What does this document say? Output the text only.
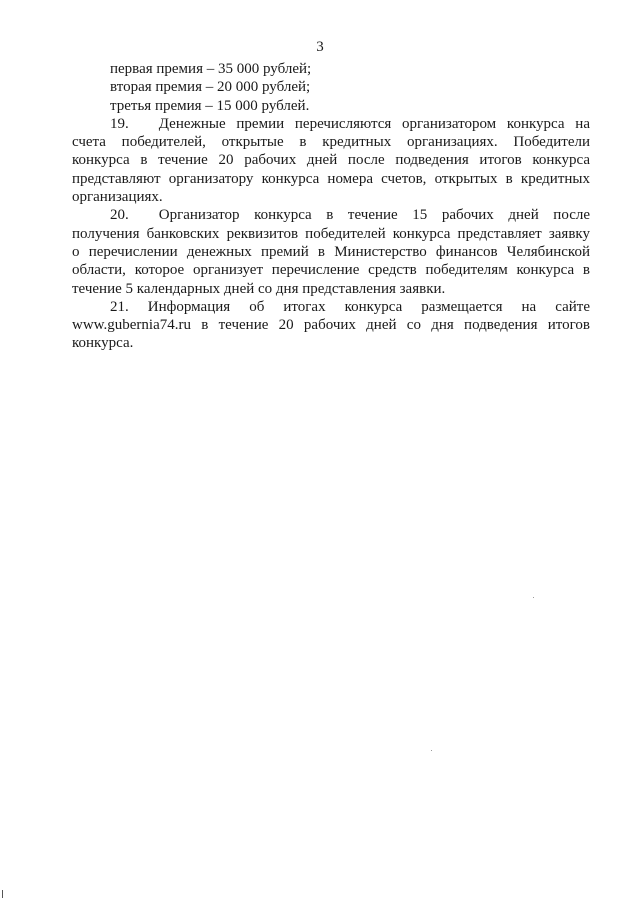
3
первая премия – 35 000 рублей;
вторая премия – 20 000 рублей;
третья премия – 15 000 рублей.
19.  Денежные премии перечисляются организатором конкурса на
счета победителей, открытые в кредитных организациях. Победители
конкурса в течение 20 рабочих дней после подведения итогов конкурса
представляют организатору конкурса номера счетов, открытых в кредитных
организациях.
20.  Организатор конкурса в течение 15 рабочих дней после
получения банковских реквизитов победителей конкурса представляет заявку
о перечислении денежных премий в Министерство финансов Челябинской
области, которое организует перечисление средств победителям конкурса в
течение 5 календарных дней со дня представления заявки.
21. Информация об итогах конкурса размещается на сайте
www.gubernia74.ru в течение 20 рабочих дней со дня подведения итогов
конкурса.
